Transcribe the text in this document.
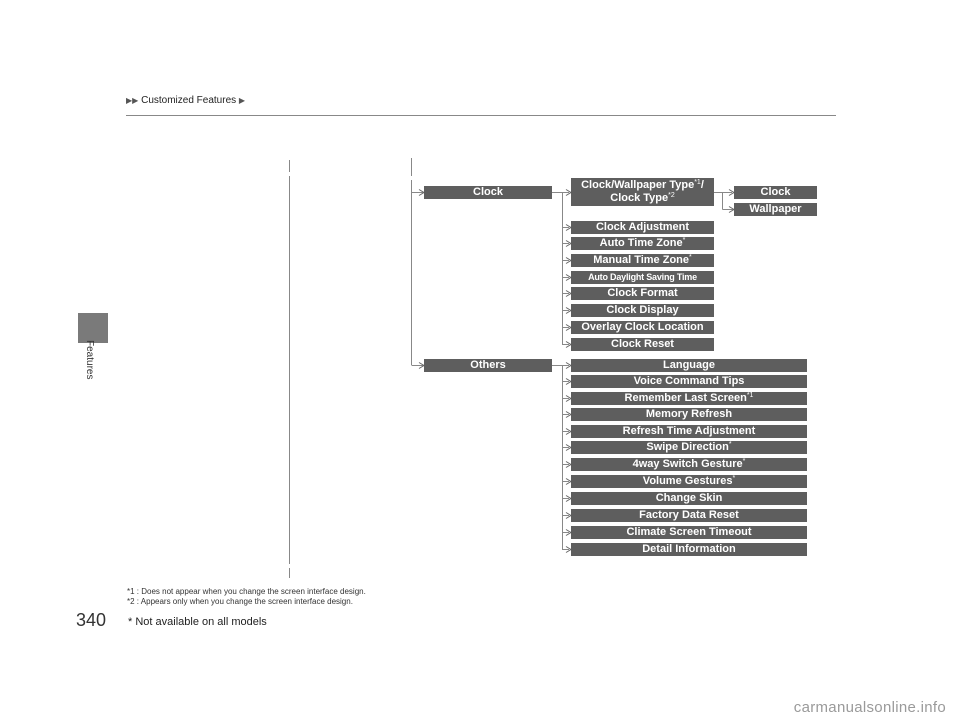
▶▶ Customized Features ▶
Features
340
Clock
Others
Clock/Wallpaper Type$^{*1}$/
Clock Type$^{*2}$
Clock Adjustment
Auto Time Zone*
Manual Time Zone*
Auto Daylight Saving Time
Clock Format
Clock Display
Overlay Clock Location
Clock Reset
Clock
Wallpaper
Language
Voice Command Tips
Remember Last Screen$^{*1}$
Memory Refresh
Refresh Time Adjustment
Swipe Direction*
4way Switch Gesture*
Volume Gestures*
Change Skin
Factory Data Reset
Climate Screen Timeout
Detail Information
*1 : Does not appear when you change the screen interface design.
*2 : Appears only when you change the screen interface design.
* Not available on all models
carmanualsonline.info
